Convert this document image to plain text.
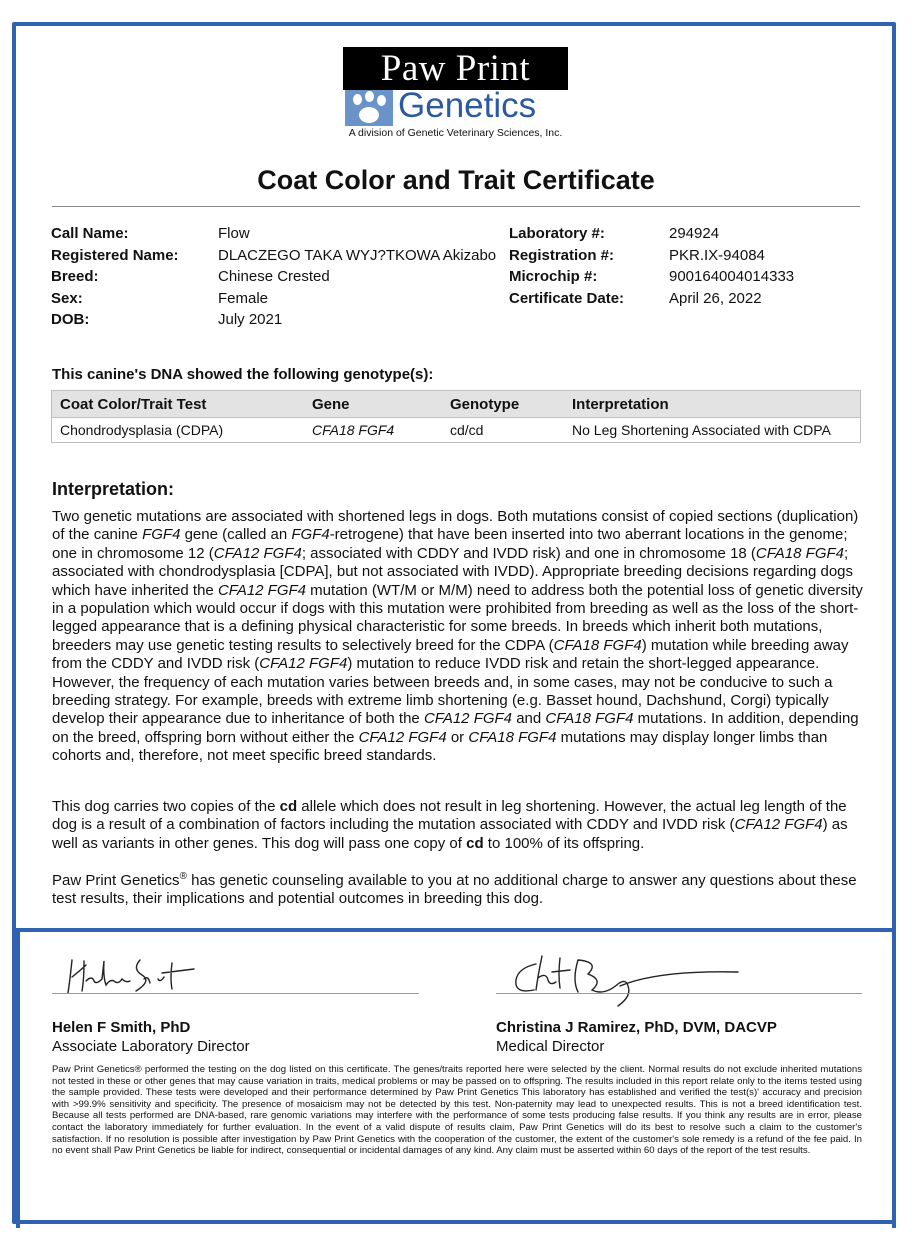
Paw Print
Genetics
A division of Genetic Veterinary Sciences, Inc.
Coat Color and Trait Certificate
Call Name:	Flow
Registered Name:	DLACZEGO TAKA WYJ?TKOWA Akizabo
Breed:	Chinese Crested
Sex:	Female
DOB:	July 2021
Laboratory #:	294924
Registration #:	PKR.IX-94084
Microchip #:	900164004014333
Certificate Date:	April 26, 2022
This canine's DNA showed the following genotype(s):
Coat Color/Trait Test	Gene	Genotype	Interpretation
Chondrodysplasia (CDPA)	CFA18 FGF4	cd/cd	No Leg Shortening Associated with CDPA
Interpretation:

Two genetic mutations are associated with shortened legs in dogs. Both mutations consist of copied sections (duplication) of the canine FGF4 gene (called an FGF4-retrogene) that have been inserted into two aberrant locations in the genome; one in chromosome 12 (CFA12 FGF4; associated with CDDY and IVDD risk) and one in chromosome 18 (CFA18 FGF4; associated with chondrodysplasia [CDPA], but not associated with IVDD). Appropriate breeding decisions regarding dogs which have inherited the CFA12 FGF4 mutation (WT/M or M/M) need to address both the potential loss of genetic diversity in a population which would occur if dogs with this mutation were prohibited from breeding as well as the loss of the short-legged appearance that is a defining physical characteristic for some breeds. In breeds which inherit both mutations, breeders may use genetic testing results to selectively breed for the CDPA (CFA18 FGF4) mutation while breeding away from the CDDY and IVDD risk (CFA12 FGF4) mutation to reduce IVDD risk and retain the short-legged appearance. However, the frequency of each mutation varies between breeds and, in some cases, may not be conducive to such a breeding strategy. For example, breeds with extreme limb shortening (e.g. Basset hound, Dachshund, Corgi) typically develop their appearance due to inheritance of both the CFA12 FGF4 and CFA18 FGF4 mutations. In addition, depending on the breed, offspring born without either the CFA12 FGF4 or CFA18 FGF4 mutations may display longer limbs than cohorts and, therefore, not meet specific breed standards.

This dog carries two copies of the cd allele which does not result in leg shortening. However, the actual leg length of the dog is a result of a combination of factors including the mutation associated with CDDY and IVDD risk (CFA12 FGF4) as well as variants in other genes. This dog will pass one copy of cd to 100% of its offspring.

Paw Print Genetics® has genetic counseling available to you at no additional charge to answer any questions about these test results, their implications and potential outcomes in breeding this dog.

Helen F Smith, PhD
Associate Laboratory Director
Christina J Ramirez, PhD, DVM, DACVP
Medical Director
Paw Print Genetics® performed the testing on the dog listed on this certificate. The genes/traits reported here were selected by the client. Normal results do not exclude inherited mutations not tested in these or other genes that may cause variation in traits, medical problems or may be passed on to offspring. The results included in this report relate only to the items tested using the sample provided. These tests were developed and their performance determined by Paw Print Genetics This laboratory has established and verified the test(s)' accuracy and precision with >99.9% sensitivity and specificity. The presence of mosaicism may not be detected by this test. Non-paternity may lead to unexpected results. This is not a breed identification test. Because all tests performed are DNA-based, rare genomic variations may interfere with the performance of some tests producing false results. If you think any results are in error, please contact the laboratory immediately for further evaluation. In the event of a valid dispute of results claim, Paw Print Genetics will do its best to resolve such a claim to the customer's satisfaction. If no resolution is possible after investigation by Paw Print Genetics with the cooperation of the customer, the extent of the customer's sole remedy is a refund of the fee paid. In no event shall Paw Print Genetics be liable for indirect, consequential or incidental damages of any kind. Any claim must be asserted within 60 days of the report of the test results.
